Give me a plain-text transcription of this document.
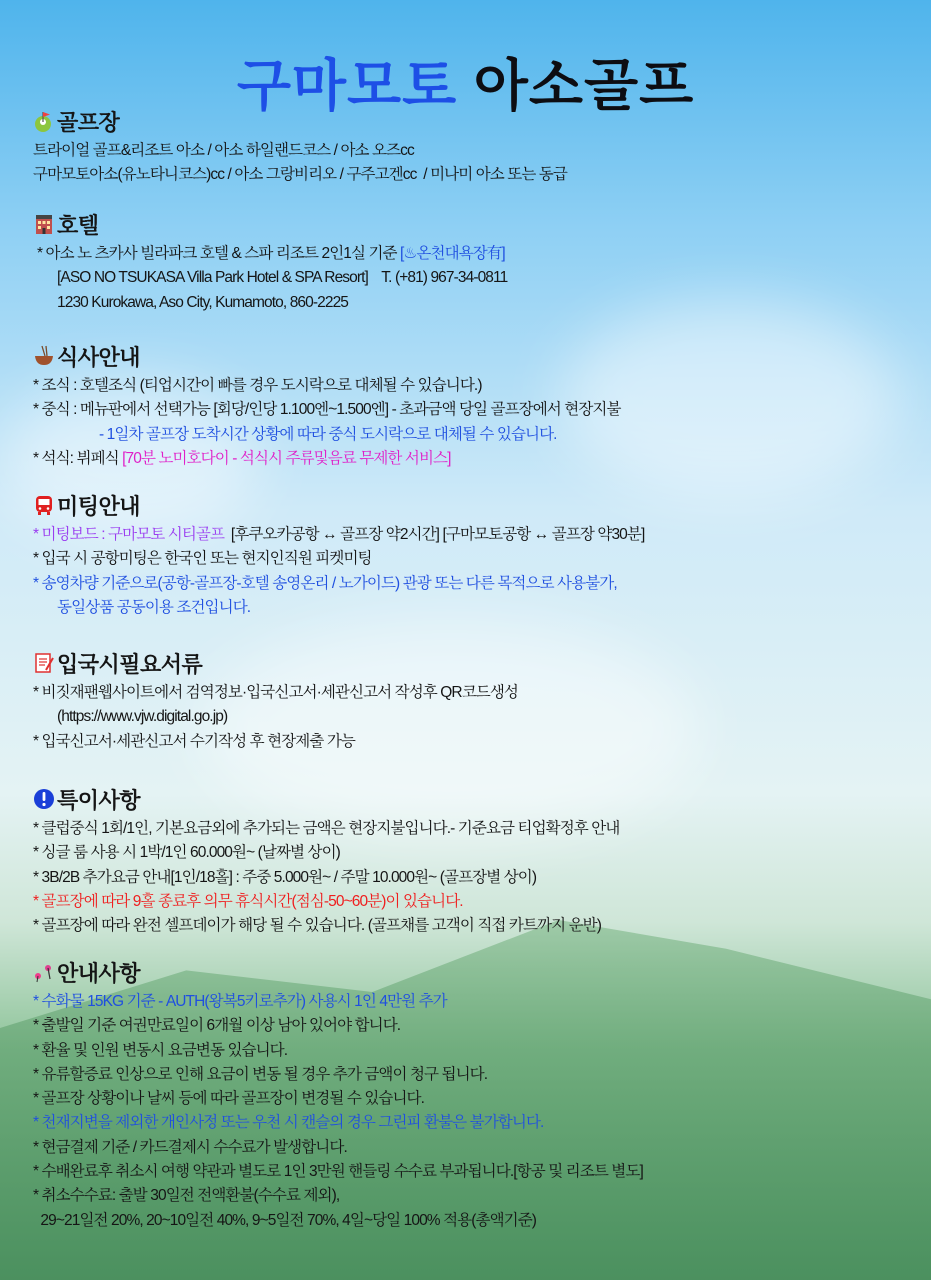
구마모토 아소골프
골프장
트라이얼 골프&리조트 아소 / 아소 하일랜드코스 / 아소 오즈cc
구마모토아소(유노타니코스)cc / 아소 그랑비리오 / 구주고겐cc  / 미나미 아소 또는 동급
호텔
* 아소 노 츠카사 빌라파크 호텔 & 스파 리조트 2인1실 기준 [♨온천대욕장有]
[ASO NO TSUKASA Villa Park Hotel & SPA Resort]    T. (+81) 967-34-0811
1230 Kurokawa, Aso City, Kumamoto, 860-2225
식사안내
* 조식 : 호텔조식 (티업시간이 빠를 경우 도시락으로 대체될 수 있습니다.)
* 중식 : 메뉴판에서 선택가능 [회당/인당 1.100엔~1.500엔] - 초과금액 당일 골프장에서 현장지불
- 1일차 골프장 도착시간 상황에 따라 중식 도시락으로 대체될 수 있습니다.
* 석식: 뷔페식 [70분 노미호다이 - 석식시 주류및음료 무제한 서비스]
미팅안내
* 미팅보드 : 구마모토 시티골프  [후쿠오카공항 ↔ 골프장 약2시간] [구마모토공항 ↔ 골프장 약30분]
* 입국 시 공항미팅은 한국인 또는 현지인직원 피켓미팅
* 송영차량 기준으로(공항-골프장-호텔 송영온리 / 노가이드) 관광 또는 다른 목적으로 사용불가,
동일상품 공동이용 조건입니다.
입국시필요서류
* 비짓재팬웹사이트에서 검역정보·입국신고서·세관신고서 작성후 QR코드생성
(https://www.vjw.digital.go.jp)
* 입국신고서·세관신고서 수기작성 후 현장제출 가능
특이사항
* 클럽중식 1회/1인, 기본요금외에 추가되는 금액은 현장지불입니다.- 기준요금 티업확정후 안내
* 싱글 룸 사용 시 1박/1인 60.000원~ (날짜별 상이)
* 3B/2B 추가요금 안내[1인/18홀] : 주중 5.000원~ / 주말 10.000원~ (골프장별 상이)
* 골프장에 따라 9홀 종료후 의무 휴식시간(점심-50~60분)이 있습니다.
* 골프장에 따라 완전 셀프데이가 해당 될 수 있습니다. (골프채를 고객이 직접 카트까지 운반)
안내사항
* 수화물 15KG 기준 - AUTH(왕복5키로추가) 사용시 1인 4만원 추가
* 출발일 기준 여권만료일이 6개월 이상 남아 있어야 합니다.
* 환율 및 인원 변동시 요금변동 있습니다.
* 유류할증료 인상으로 인해 요금이 변동 될 경우 추가 금액이 청구 됩니다.
* 골프장 상황이나 날씨 등에 따라 골프장이 변경될 수 있습니다.
* 천재지변을 제외한 개인사정 또는 우천 시 캔슬의 경우 그린피 환불은 불가합니다.
* 현금결제 기준 / 카드결제시 수수료가 발생합니다.
* 수배완료후 취소시 여행 약관과 별도로 1인 3만원 핸들링 수수료 부과됩니다.[항공 및 리조트 별도]
* 취소수수료: 출발 30일전 전액환불(수수료 제외),
29~21일전 20%, 20~10일전 40%, 9~5일전 70%, 4일~당일 100% 적용(총액기준)
